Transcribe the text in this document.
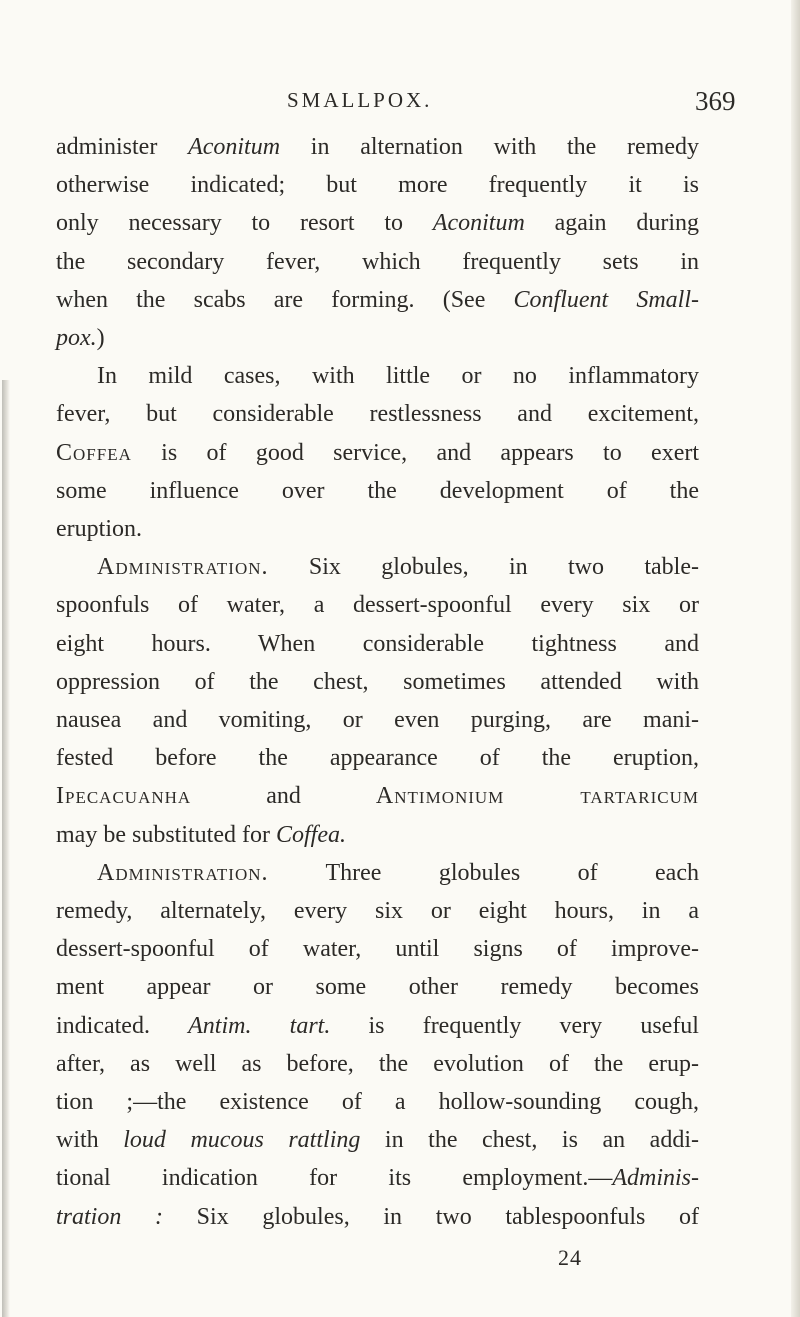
SMALLPOX.	369
administer Aconitum in alternation with the remedy
otherwise indicated; but more frequently it is
only necessary to resort to Aconitum again during
the secondary fever, which frequently sets in
when the scabs are forming. (See Confluent Small-
pox.)
In mild cases, with little or no inflammatory
fever, but considerable restlessness and excitement,
Coffea is of good service, and appears to exert
some influence over the development of the
eruption.
Administration. Six globules, in two table-
spoonfuls of water, a dessert-spoonful every six or
eight hours. When considerable tightness and
oppression of the chest, sometimes attended with
nausea and vomiting, or even purging, are mani-
fested before the appearance of the eruption,
Ipecacuanha and Antimonium tartaricum
may be substituted for Coffea.
Administration. Three globules of each
remedy, alternately, every six or eight hours, in a
dessert-spoonful of water, until signs of improve-
ment appear or some other remedy becomes
indicated. Antim. tart. is frequently very useful
after, as well as before, the evolution of the erup-
tion ;—the existence of a hollow-sounding cough,
with loud mucous rattling in the chest, is an addi-
tional indication for its employment.—Adminis-
tration : Six globules, in two tablespoonfuls of
24
